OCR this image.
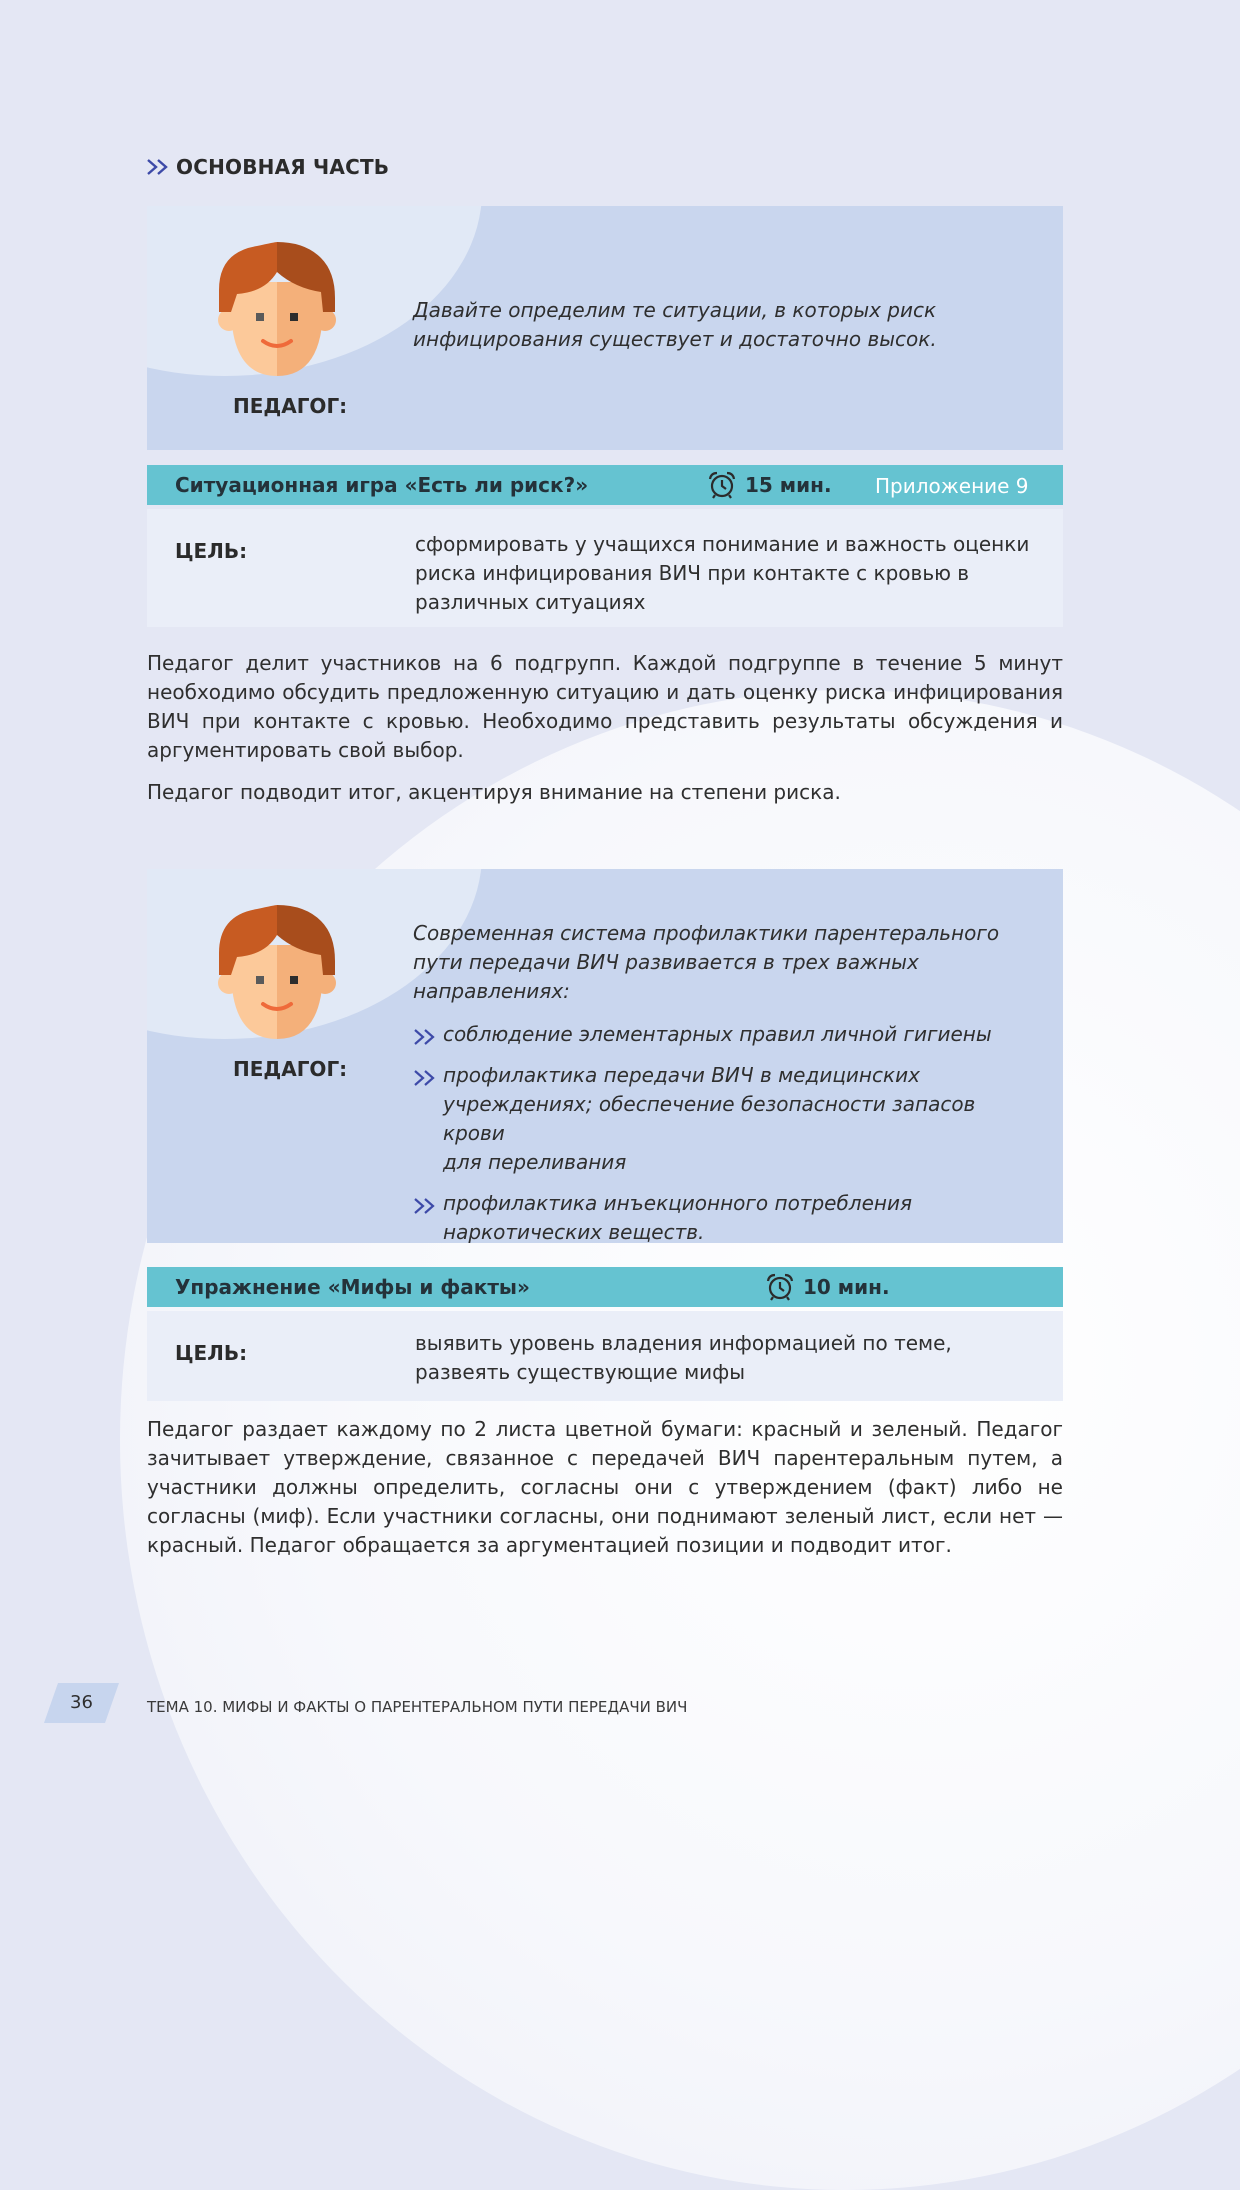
ОСНОВНАЯ ЧАСТЬ
ПЕДАГОГ:
Давайте определим те ситуации, в которых риск
инфицирования существует и достаточно высок.
Ситуационная игра «Есть ли риск?»	15 мин. Приложение 9
ЦЕЛЬ:	сформировать у учащихся понимание и важность оценки
риска инфицирования ВИЧ при контакте с кровью в
различных ситуациях

Педагог делит участников на 6 подгрупп. Каждой подгруппе в течение 5 минут необходимо обсудить предложенную ситуацию и дать оценку риска инфицирования ВИЧ при контакте с кровью. Необходимо представить результаты обсуждения и аргументировать свой выбор.

Педагог подводит итог, акцентируя внимание на степени риска.

ПЕДАГОГ:
Современная система профилактики парентерального
пути передачи ВИЧ развивается в трех важных
направлениях:
соблюдение элементарных правил личной гигиены
профилактика передачи ВИЧ в медицинских
учреждениях; обеспечение безопасности запасов крови
для переливания
профилактика инъекционного потребления
наркотических веществ.
Упражнение «Мифы и факты»	10 мин.
ЦЕЛЬ:	выявить уровень владения информацией по теме,
развеять существующие мифы

Педагог раздает каждому по 2 листа цветной бумаги: красный и зеленый. Педагог зачитывает утверждение, связанное с передачей ВИЧ парентеральным путем, а участники должны определить, согласны они с утверждением (факт) либо не согласны (миф). Если участники согласны, они поднимают зеленый лист, если нет — красный. Педагог обращается за аргументацией позиции и подводит итог.

36	ТЕМА 10. МИФЫ И ФАКТЫ О ПАРЕНТЕРАЛЬНОМ ПУТИ ПЕРЕДАЧИ ВИЧ
